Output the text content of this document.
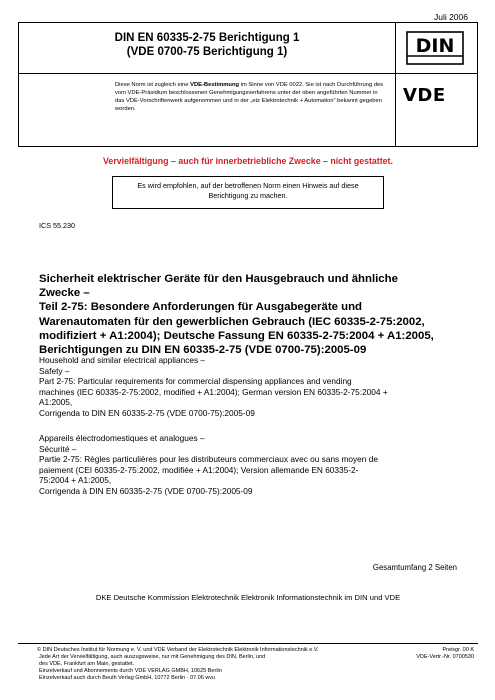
Juli 2006
DIN EN 60335-2-75 Berichtigung 1
(VDE 0700-75 Berichtigung 1)
Diese Norm ist zugleich eine VDE-Bestimmung im Sinne von VDE 0022. Sie ist nach Durchführung des vom VDE-Präsidium beschlossenen Genehmigungsverfahrens unter der oben angeführten Nummer in das VDE-Vorschriftenwerk aufgenommen und in der „etz Elektrotechnik + Automation“ bekannt gegeben worden.
DIN
VDE
Vervielfältigung – auch für innerbetriebliche Zwecke – nicht gestattet.
Es wird empfohlen, auf der betroffenen Norm einen Hinweis auf diese
Berichtigung zu machen.
ICS 55.230

Sicherheit elektrischer Geräte für den Hausgebrauch und ähnliche

Zwecke –

Teil 2-75: Besondere Anforderungen für Ausgabegeräte und

Warenautomaten für den gewerblichen Gebrauch (IEC 60335-2-75:2002,

modifiziert + A1:2004); Deutsche Fassung EN 60335-2-75:2004 + A1:2005,

Berichtigungen zu DIN EN 60335-2-75 (VDE 0700-75):2005-09

Household and similar electrical appliances –

Safety –

Part 2-75: Particular requirements for commercial dispensing appliances and vending

machines (IEC 60335-2-75:2002, modified + A1:2004); German version EN 60335-2-75:2004 +

A1:2005,

Corrigenda to DIN EN 60335-2-75 (VDE 0700-75):2005-09

Appareils électrodomestiques et analogues –

Sécurité –

Partie 2-75: Règles particulières pour les distributeurs commerciaux avec ou sans moyen de

paiement (CEI 60335-2-75:2002, modifiée + A1:2004); Version allemande EN 60335-2-

75:2004 + A1:2005,

Corrigenda à DIN EN 60335-2-75 (VDE 0700-75):2005-09

Gesamtumfang 2 Seiten
DKE Deutsche Kommission Elektrotechnik Elektronik Informationstechnik im DIN und VDE

© DIN Deutsches Institut für Normung e. V. und VDE Verband der Elektrotechnik Elektronik Informationstechnik e.V.

Jede Art der Vervielfältigung, auch auszugsweise, nur mit Genehmigung des DIN, Berlin, und

des VDE, Frankfurt am Main, gestattet.

Einzelverkauf und Abonnements durch VDE VERLAG GMBH, 10625 Berlin

Einzelverkauf auch durch Beuth Verlag GmbH, 10772 Berlin · 07.06 wvu

Preisgr. 00 K

VDE-Vertr.-Nr. 0700530
